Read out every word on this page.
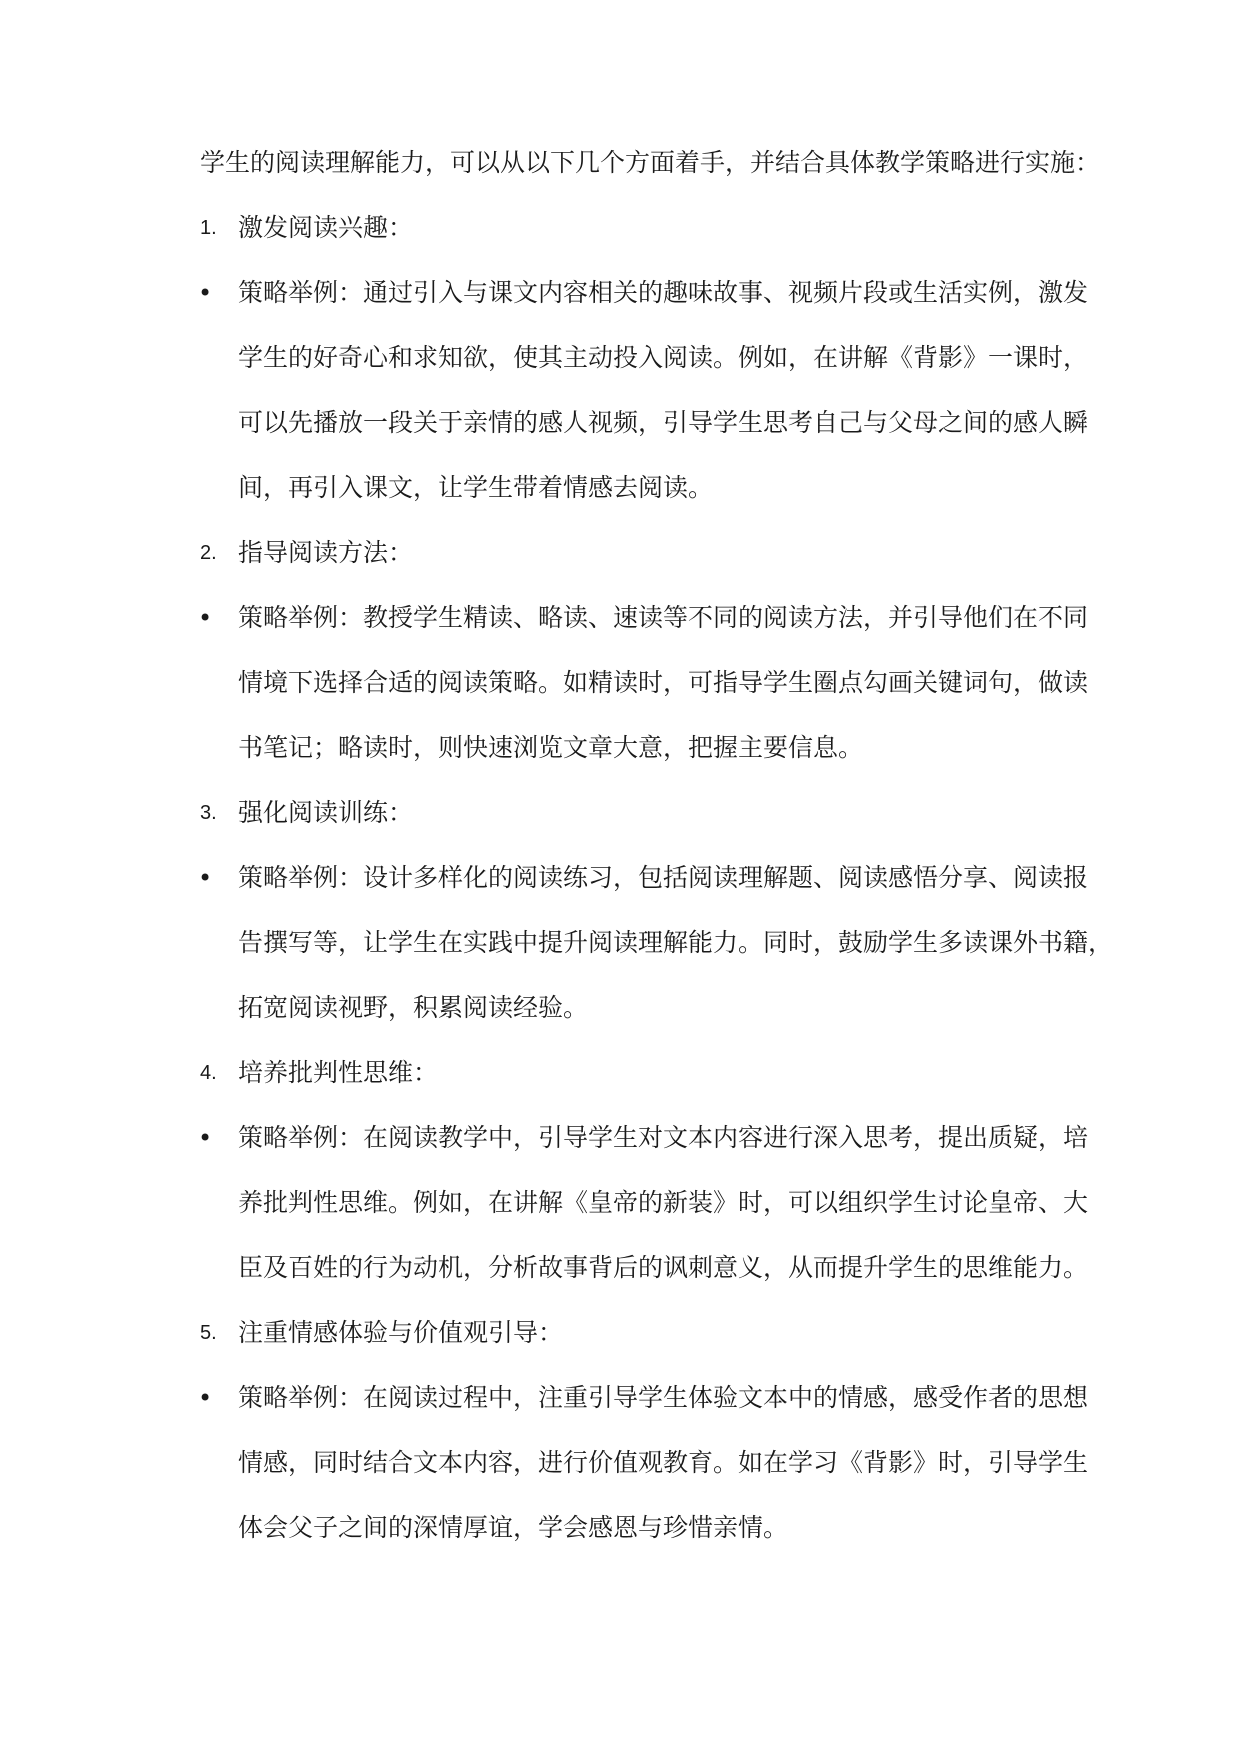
学生的阅读理解能力，可以从以下几个方面着手，并结合具体教学策略进行实施：
1. 激发阅读兴趣：
• 策略举例：通过引入与课文内容相关的趣味故事、视频片段或生活实例，激发
学生的好奇心和求知欲，使其主动投入阅读。例如，在讲解《背影》一课时，
可以先播放一段关于亲情的感人视频，引导学生思考自己与父母之间的感人瞬
间，再引入课文，让学生带着情感去阅读。
2. 指导阅读方法：
• 策略举例：教授学生精读、略读、速读等不同的阅读方法，并引导他们在不同
情境下选择合适的阅读策略。如精读时，可指导学生圈点勾画关键词句，做读
书笔记；略读时，则快速浏览文章大意，把握主要信息。
3. 强化阅读训练：
• 策略举例：设计多样化的阅读练习，包括阅读理解题、阅读感悟分享、阅读报
告撰写等，让学生在实践中提升阅读理解能力。同时，鼓励学生多读课外书籍，
拓宽阅读视野，积累阅读经验。
4. 培养批判性思维：
• 策略举例：在阅读教学中，引导学生对文本内容进行深入思考，提出质疑，培
养批判性思维。例如，在讲解《皇帝的新装》时，可以组织学生讨论皇帝、大
臣及百姓的行为动机，分析故事背后的讽刺意义，从而提升学生的思维能力。
5. 注重情感体验与价值观引导：
• 策略举例：在阅读过程中，注重引导学生体验文本中的情感，感受作者的思想
情感，同时结合文本内容，进行价值观教育。如在学习《背影》时，引导学生
体会父子之间的深情厚谊，学会感恩与珍惜亲情。
